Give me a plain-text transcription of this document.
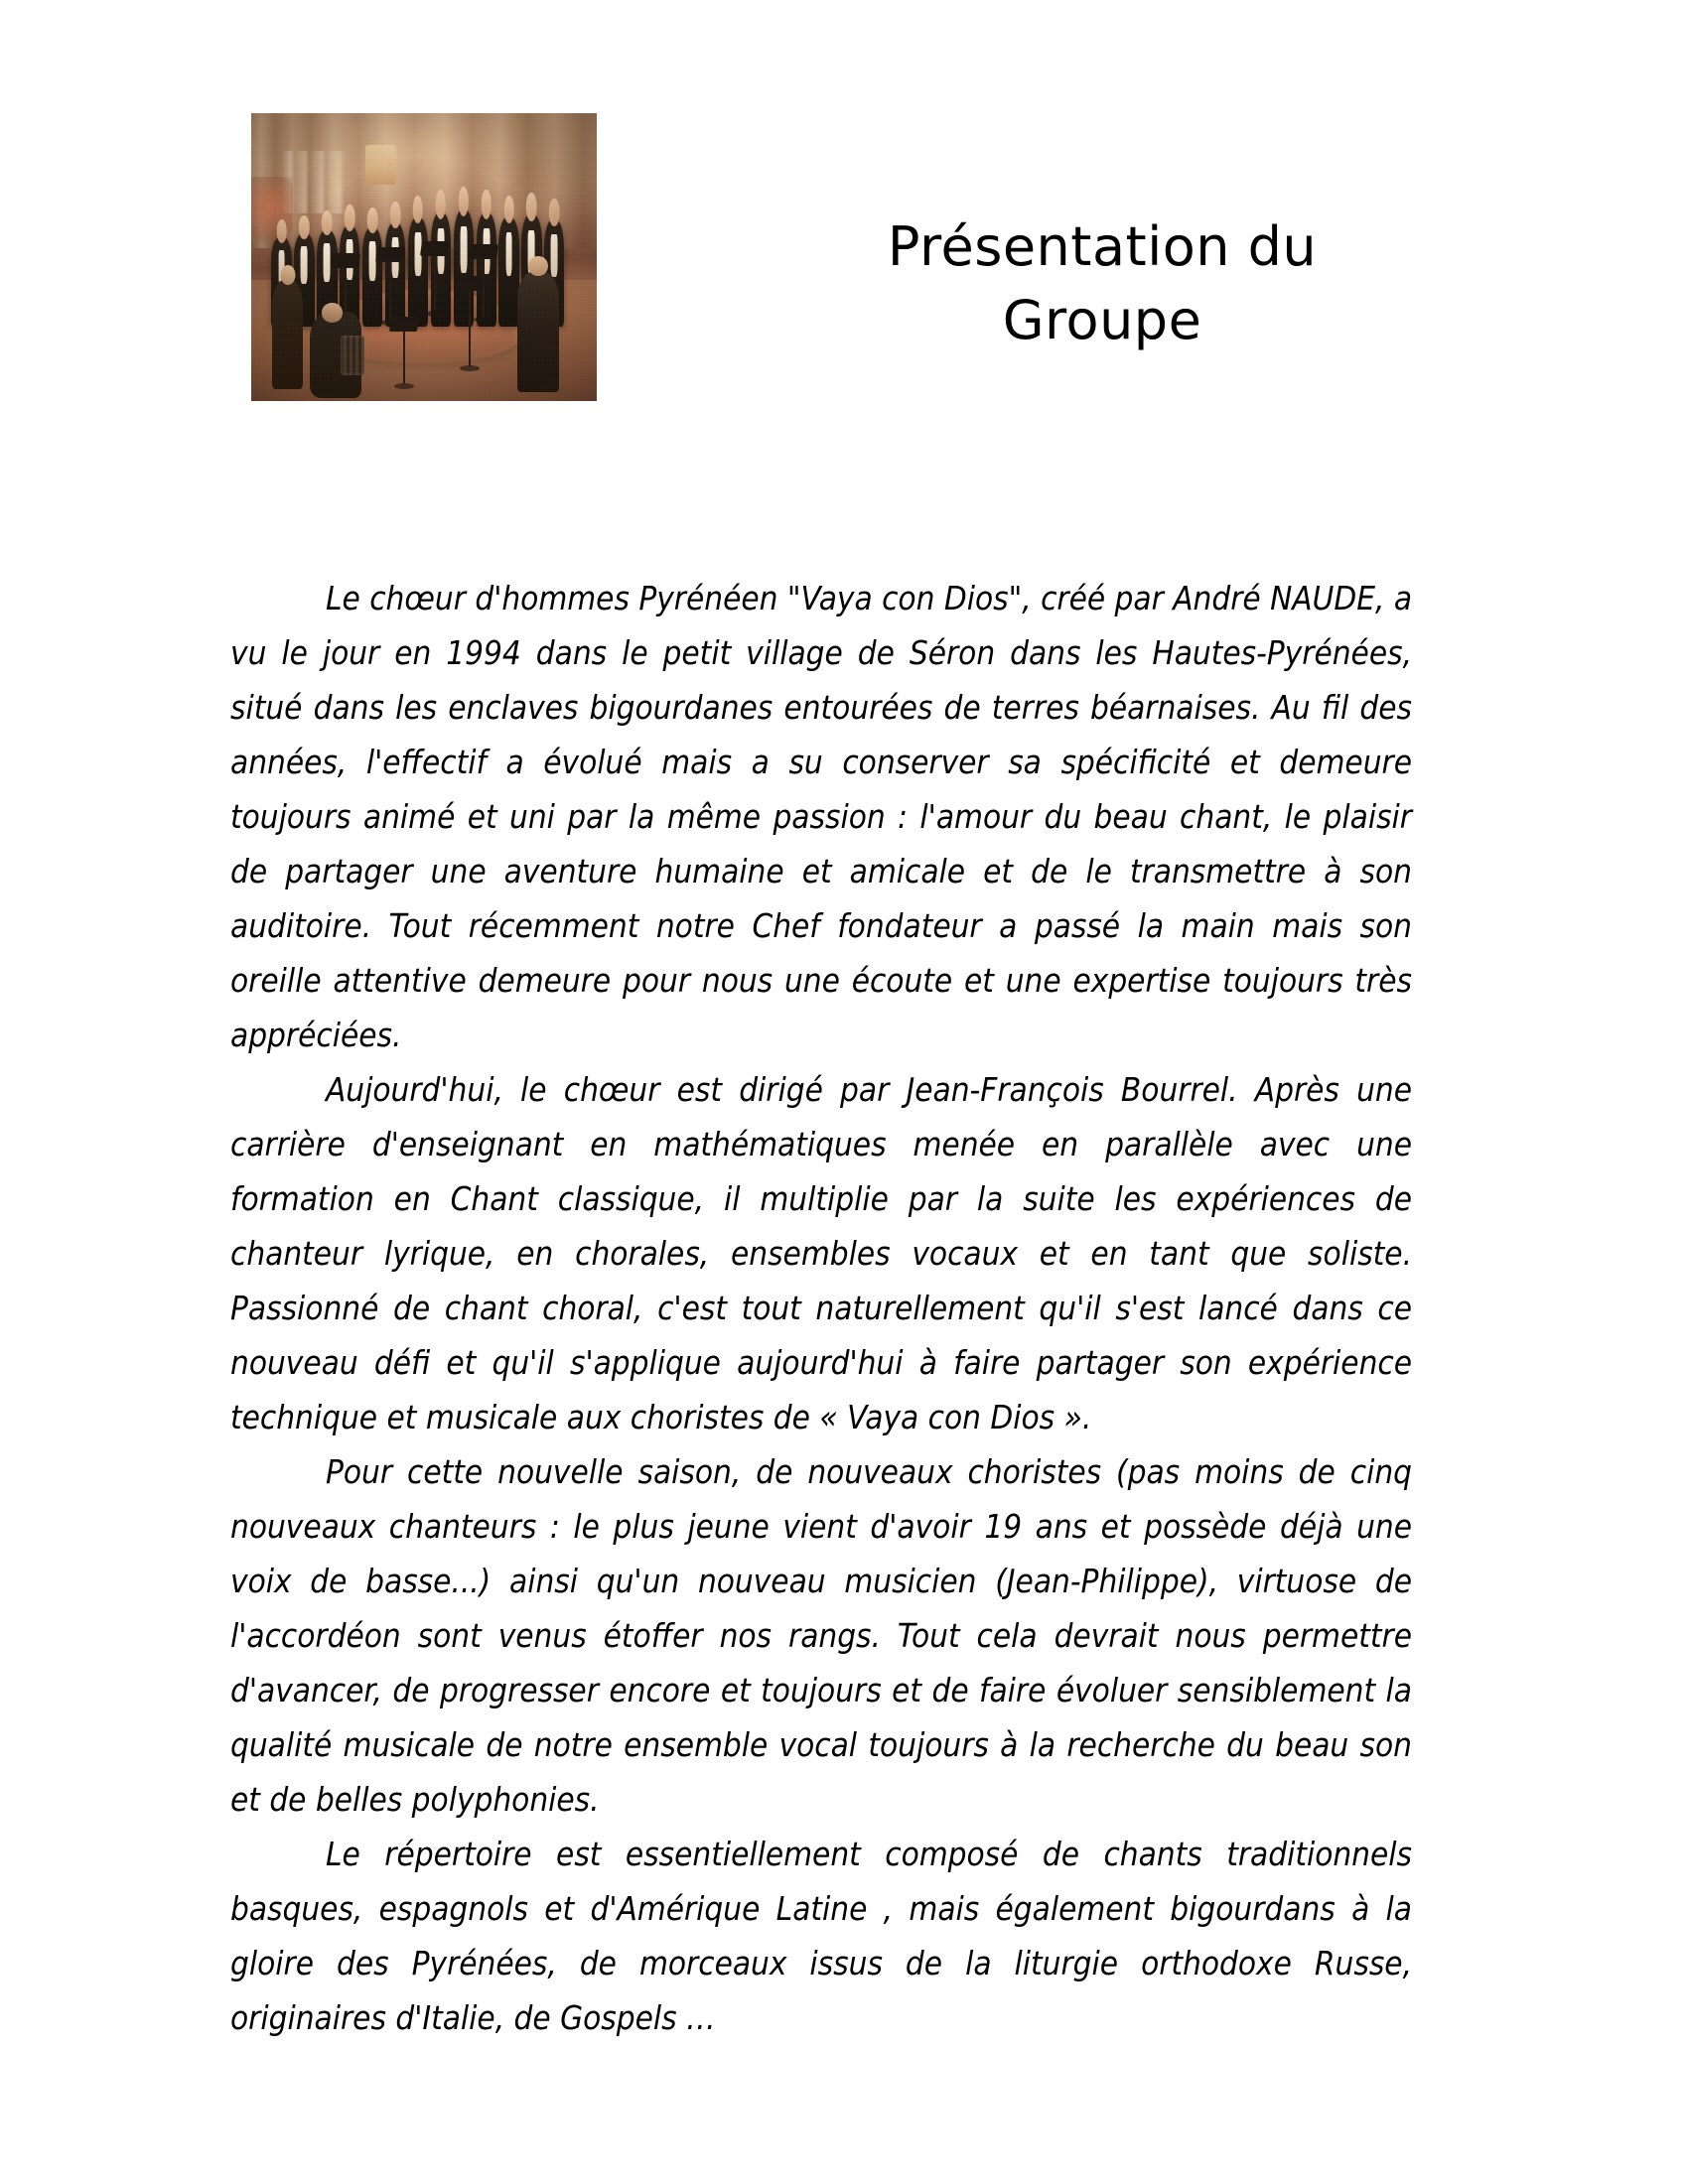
Présentation du
Groupe

Le chœur d'hommes Pyrénéen "Vaya con Dios", créé par André NAUDE, a vu le jour en 1994 dans le petit village de Séron dans les Hautes-Pyrénées, situé dans les enclaves bigourdanes entourées de terres béarnaises. Au fil des années, l'effectif a évolué mais a su conserver sa spécificité et demeure toujours animé et uni par la même passion : l'amour du beau chant, le plaisir de partager une aventure humaine et amicale et de le transmettre à son auditoire. Tout récemment notre Chef fondateur a passé la main mais son oreille attentive demeure pour nous une écoute et une expertise toujours très appréciées.

Aujourd'hui, le chœur est dirigé par Jean-François Bourrel. Après une carrière d'enseignant en mathématiques menée en parallèle avec une formation en Chant classique, il multiplie par la suite les expériences de chanteur lyrique, en chorales, ensembles vocaux et en tant que soliste. Passionné de chant choral, c'est tout naturellement qu'il s'est lancé dans ce nouveau défi et qu'il s'applique aujourd'hui à faire partager son expérience technique et musicale aux choristes de « Vaya con Dios ».

Pour cette nouvelle saison, de nouveaux choristes (pas moins de cinq nouveaux chanteurs : le plus jeune vient d'avoir 19 ans et possède déjà une voix de basse...) ainsi qu'un nouveau musicien (Jean-Philippe), virtuose de l'accordéon sont venus étoffer nos rangs. Tout cela devrait nous permettre d'avancer, de progresser encore et toujours et de faire évoluer sensiblement la qualité musicale de notre ensemble vocal toujours à la recherche du beau son et de belles polyphonies.

Le répertoire est essentiellement composé de chants traditionnels basques, espagnols et d'Amérique Latine , mais également bigourdans à la gloire des Pyrénées, de morceaux issus de la liturgie orthodoxe Russe, originaires d'Italie, de Gospels …
